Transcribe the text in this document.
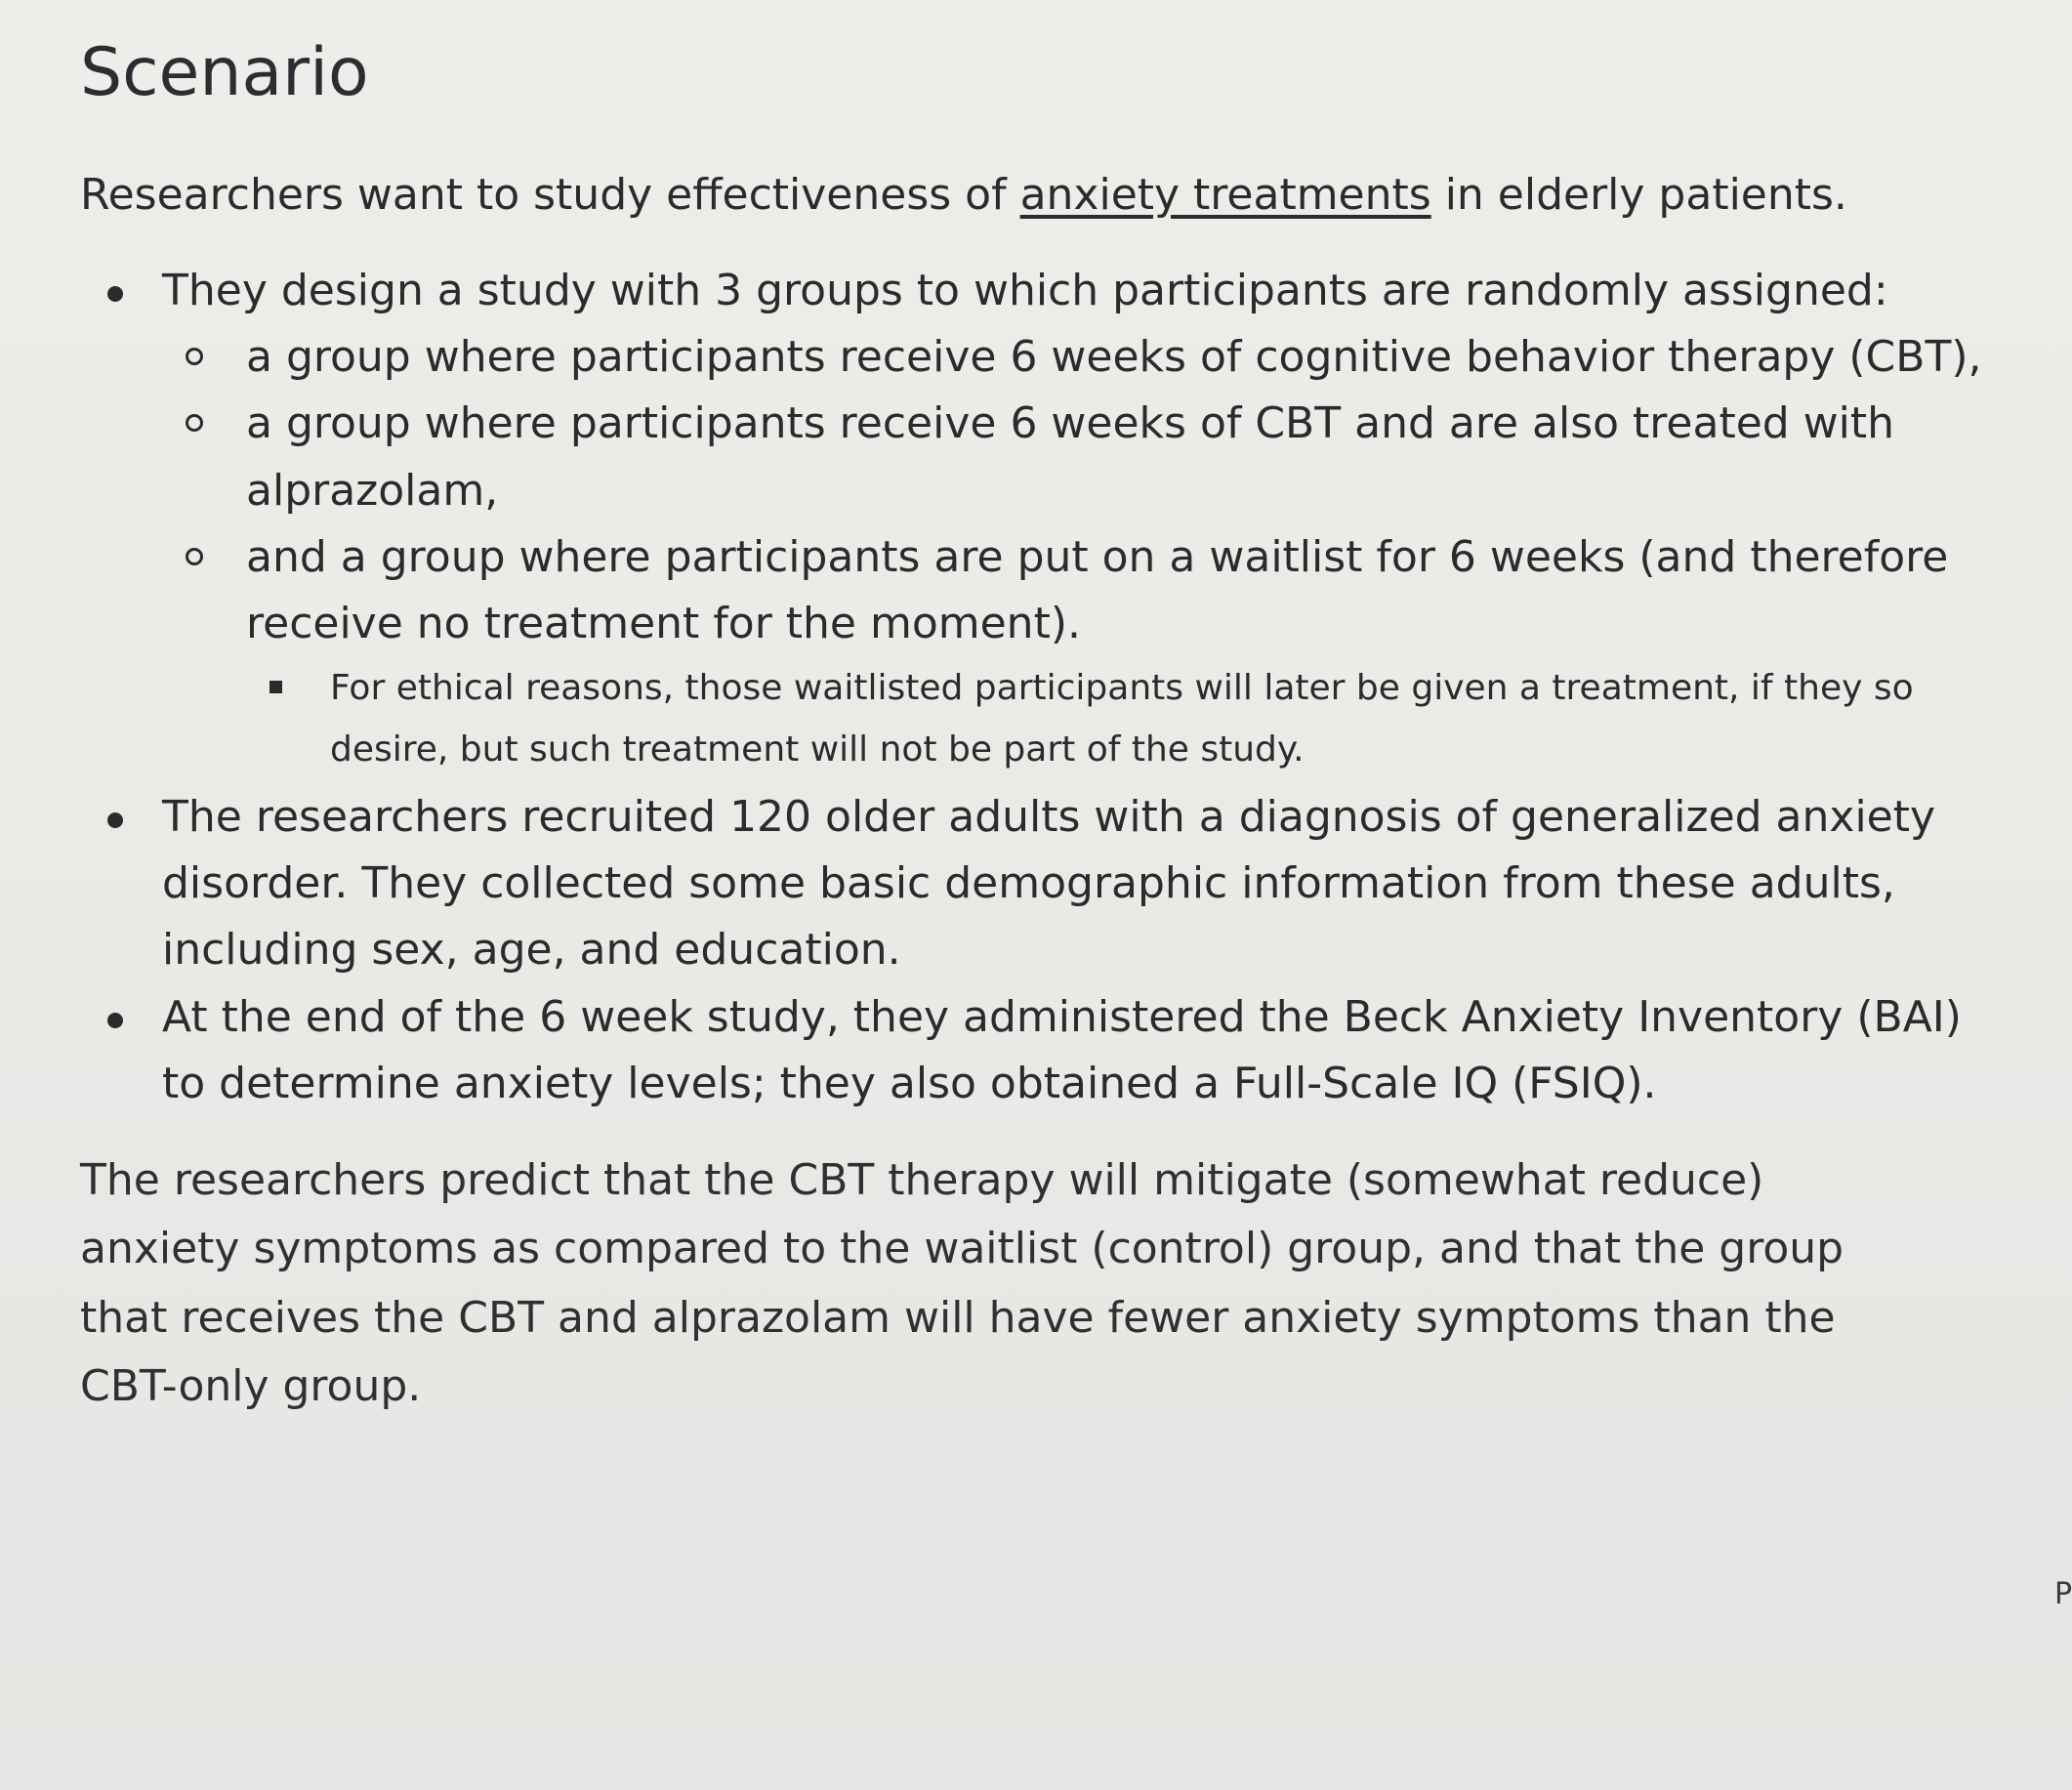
Scenario

Researchers want to study effectiveness of anxiety treatments in elderly patients.

They design a study with 3 groups to which participants are randomly assigned:
a group where participants receive 6 weeks of cognitive behavior therapy (CBT),
a group where participants receive 6 weeks of CBT and are also treated with alprazolam,
and a group where participants are put on a waitlist for 6 weeks (and therefore receive no treatment for the moment).
For ethical reasons, those waitlisted participants will later be given a treatment, if they so desire, but such treatment will not be part of the study.
The researchers recruited 120 older adults with a diagnosis of generalized anxiety disorder. They collected some basic demographic information from these adults, including sex, age, and education.
At the end of the 6 week study, they administered the Beck Anxiety Inventory (BAI) to determine anxiety levels; they also obtained a Full-Scale IQ (FSIQ).

The researchers predict that the CBT therapy will mitigate (somewhat reduce) anxiety symptoms as compared to the waitlist (control) group, and that the group that receives the CBT and alprazolam will have fewer anxiety symptoms than the CBT-only group.

P
